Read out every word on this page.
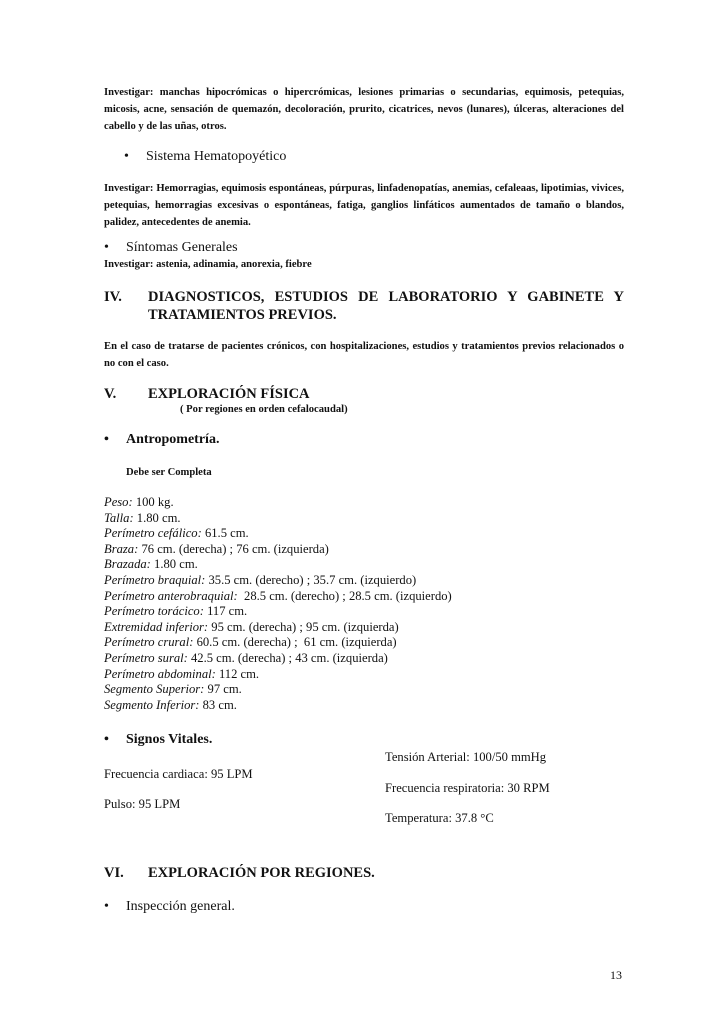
Investigar: manchas hipocrómicas o hipercrómicas, lesiones primarias o secundarias, equimosis, petequias, micosis, acne, sensación de quemazón, decoloración, prurito, cicatrices, nevos (lunares), úlceras, alteraciones del cabello y de las uñas, otros.
• Sistema Hematopoyético
Investigar: Hemorragias, equimosis espontáneas, púrpuras, linfadenopatías, anemias, cefaleaas, lipotimias, vivices, petequias, hemorragias excesivas o espontáneas, fatiga, ganglios linfáticos aumentados de tamaño o blandos, palidez, antecedentes de anemia.
• Síntomas Generales
Investigar: astenia, adinamia, anorexia, fiebre
IV. DIAGNOSTICOS, ESTUDIOS DE LABORATORIO Y GABINETE Y TRATAMIENTOS PREVIOS.
En el caso de tratarse de pacientes crónicos, con hospitalizaciones, estudios y tratamientos previos relacionados o no con el caso.
V. EXPLORACIÓN FÍSICA
( Por regiones en orden cefalocaudal)
• Antropometría.
Debe ser Completa
Peso: 100 kg.
Talla: 1.80 cm.
Perímetro cefálico: 61.5 cm.
Braza: 76 cm. (derecha) ; 76 cm. (izquierda)
Brazada: 1.80 cm.
Perímetro braquial: 35.5 cm. (derecho) ; 35.7 cm. (izquierdo)
Perímetro anterobraquial:  28.5 cm. (derecho) ; 28.5 cm. (izquierdo)
Perímetro torácico: 117 cm.
Extremidad inferior: 95 cm. (derecha) ; 95 cm. (izquierda)
Perímetro crural: 60.5 cm. (derecha) ;  61 cm. (izquierda)
Perímetro sural: 42.5 cm. (derecha) ; 43 cm. (izquierda)
Perímetro abdominal: 112 cm.
Segmento Superior: 97 cm.
Segmento Inferior: 83 cm.
• Signos Vitales.
Tensión Arterial: 100/50 mmHg
Frecuencia cardiaca: 95 LPM
Frecuencia respiratoria: 30 RPM
Pulso: 95 LPM
Temperatura: 37.8 °C
VI. EXPLORACIÓN POR REGIONES.
• Inspección general.
13
